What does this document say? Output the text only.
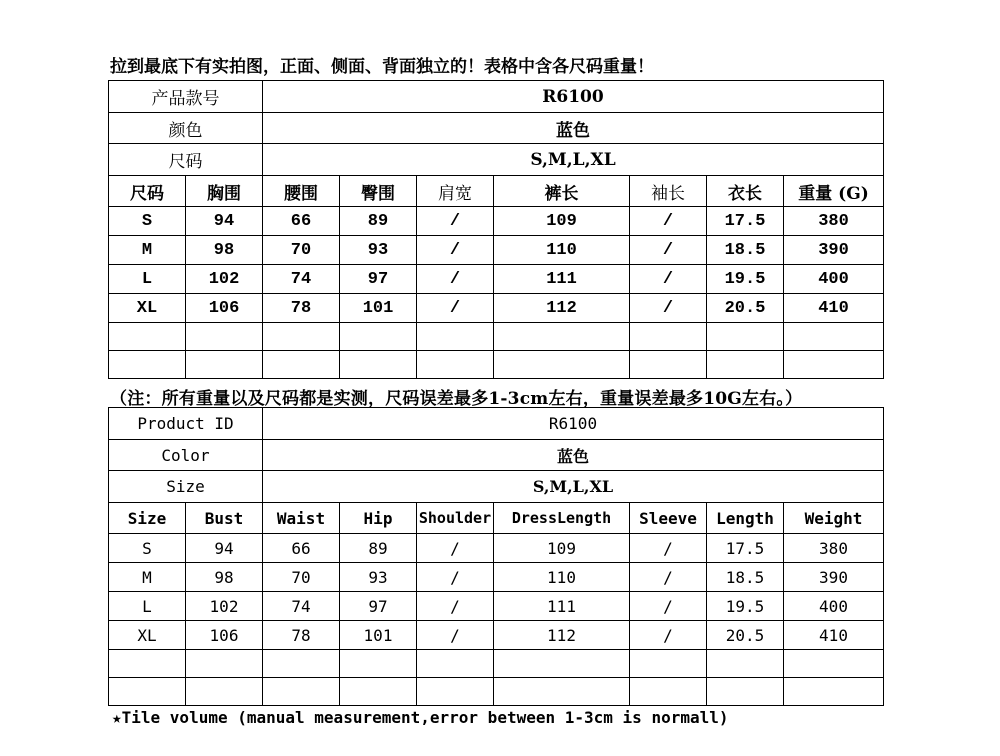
拉到最底下有实拍图，正面、侧面、背面独立的！表格中含各尺码重量！
产品款号		R6100						
颜色		蓝色						
尺码		S,M,L,XL						
尺码	胸围	腰围	臀围	肩宽	裤长	袖长	衣长	重量 (G)
S	94	66	89	/	109	/	17.5	380
M	98	70	93	/	110	/	18.5	390
L	102	74	97	/	111	/	19.5	400
XL	106	78	101	/	112	/	20.5	410

（注：所有重量以及尺码都是实测，尺码误差最多1-3cm左右，重量误差最多10G左右。）
Product ID		R6100						
Color		蓝色						
Size		S,M,L,XL						
Size	Bust	Waist	Hip	Shoulder	DressLength	Sleeve	Length	Weight
S	94	66	89	/	109	/	17.5	380
M	98	70	93	/	110	/	18.5	390
L	102	74	97	/	111	/	19.5	400
XL	106	78	101	/	112	/	20.5	410

★Tile volume (manual measurement,error between 1-3cm is normall)
